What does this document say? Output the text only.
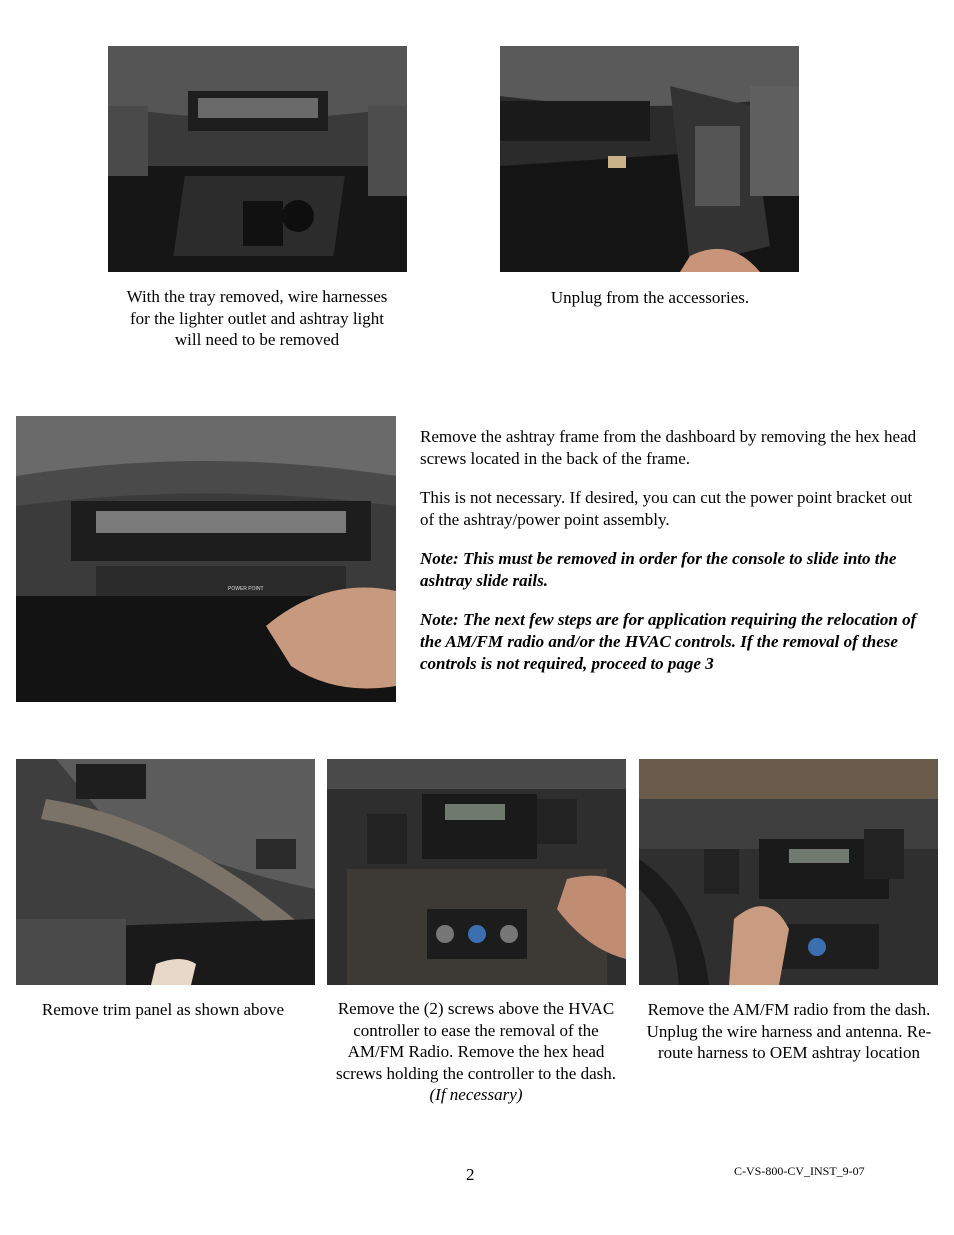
With the tray removed, wire harnesses for the lighter outlet and ashtray light will need to be removed
Unplug from the accessories.
POWER POINT

Remove the ashtray frame from the dashboard by removing the hex head screws located in the back of the frame.

This is not necessary. If desired, you can cut the power point bracket out of the ashtray/power point assembly.

Note: This must be removed in order for the console to slide into the ashtray slide rails.

Note: The next few steps are for application requiring the relocation of the AM/FM radio and/or the HVAC controls. If the removal of these controls is not required, proceed to page 3

Remove trim panel as shown above	Remove the (2) screws above the HVAC controller to ease the removal of the AM/FM Radio. Remove the hex head screws holding the controller to the dash. (If necessary)
Remove the AM/FM radio from the dash. Unplug the wire harness and antenna. Re-route harness to OEM ashtray location
2	C-VS-800-CV_INST_9-07
